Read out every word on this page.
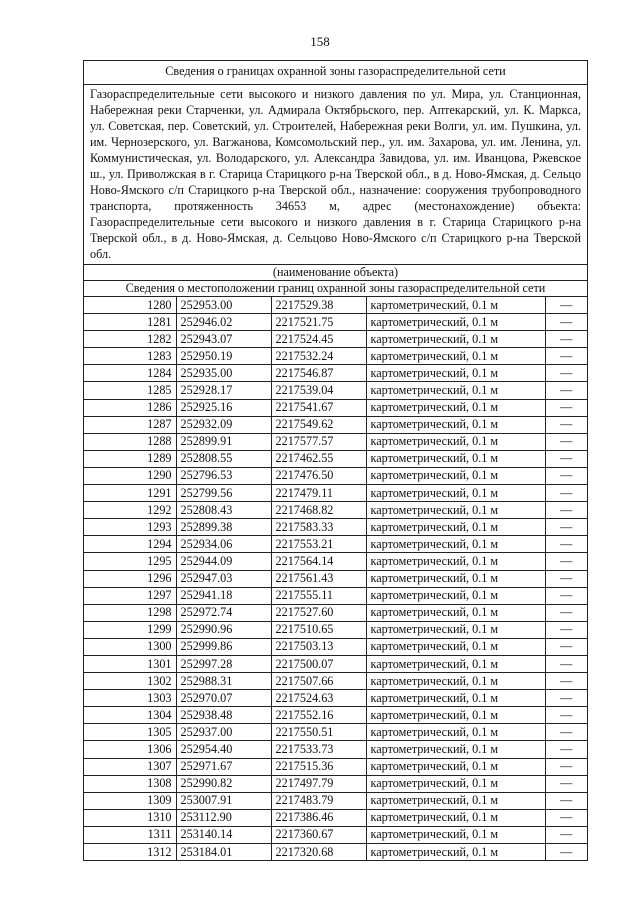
158
Сведения о границах охранной зоны газораспределительной сети
Газораспределительные сети высокого и низкого давления по ул. Мира, ул. Станционная, Набережная реки Старченки, ул. Адмирала Октябрьского, пер. Аптекарский, ул. К. Маркса, ул. Советская, пер. Советский, ул. Строителей, Набережная реки Волги, ул. им. Пушкина, ул. им. Чернозерского, ул. Вагжанова, Комсомольский пер., ул. им. Захарова, ул. им. Ленина, ул. Коммунистическая, ул. Володарского, ул. Александра Завидова, ул. им. Иванцова, Ржевское ш., ул. Приволжская в г. Старица Старицкого р-на Тверской обл., в д. Ново-Ямская, д. Сельцо Ново-Ямского с/п Старицкого р-на Тверской обл., назначение: сооружения трубопроводного транспорта, протяженность 34653 м, адрес (местонахождение) объекта: Газораспределительные сети высокого и низкого давления в г. Старица Старицкого р-на Тверской обл., в д. Ново-Ямская, д. Сельцово Ново-Ямского с/п Старицкого р-на Тверской обл.
(наименование объекта)
Сведения о местоположении границ охранной зоны газораспределительной сети
1280	252953.00	2217529.38	картометрический, 0.1 м	—
1281	252946.02	2217521.75	картометрический, 0.1 м	—
1282	252943.07	2217524.45	картометрический, 0.1 м	—
1283	252950.19	2217532.24	картометрический, 0.1 м	—
1284	252935.00	2217546.87	картометрический, 0.1 м	—
1285	252928.17	2217539.04	картометрический, 0.1 м	—
1286	252925.16	2217541.67	картометрический, 0.1 м	—
1287	252932.09	2217549.62	картометрический, 0.1 м	—
1288	252899.91	2217577.57	картометрический, 0.1 м	—
1289	252808.55	2217462.55	картометрический, 0.1 м	—
1290	252796.53	2217476.50	картометрический, 0.1 м	—
1291	252799.56	2217479.11	картометрический, 0.1 м	—
1292	252808.43	2217468.82	картометрический, 0.1 м	—
1293	252899.38	2217583.33	картометрический, 0.1 м	—
1294	252934.06	2217553.21	картометрический, 0.1 м	—
1295	252944.09	2217564.14	картометрический, 0.1 м	—
1296	252947.03	2217561.43	картометрический, 0.1 м	—
1297	252941.18	2217555.11	картометрический, 0.1 м	—
1298	252972.74	2217527.60	картометрический, 0.1 м	—
1299	252990.96	2217510.65	картометрический, 0.1 м	—
1300	252999.86	2217503.13	картометрический, 0.1 м	—
1301	252997.28	2217500.07	картометрический, 0.1 м	—
1302	252988.31	2217507.66	картометрический, 0.1 м	—
1303	252970.07	2217524.63	картометрический, 0.1 м	—
1304	252938.48	2217552.16	картометрический, 0.1 м	—
1305	252937.00	2217550.51	картометрический, 0.1 м	—
1306	252954.40	2217533.73	картометрический, 0.1 м	—
1307	252971.67	2217515.36	картометрический, 0.1 м	—
1308	252990.82	2217497.79	картометрический, 0.1 м	—
1309	253007.91	2217483.79	картометрический, 0.1 м	—
1310	253112.90	2217386.46	картометрический, 0.1 м	—
1311	253140.14	2217360.67	картометрический, 0.1 м	—
1312	253184.01	2217320.68	картометрический, 0.1 м	—
